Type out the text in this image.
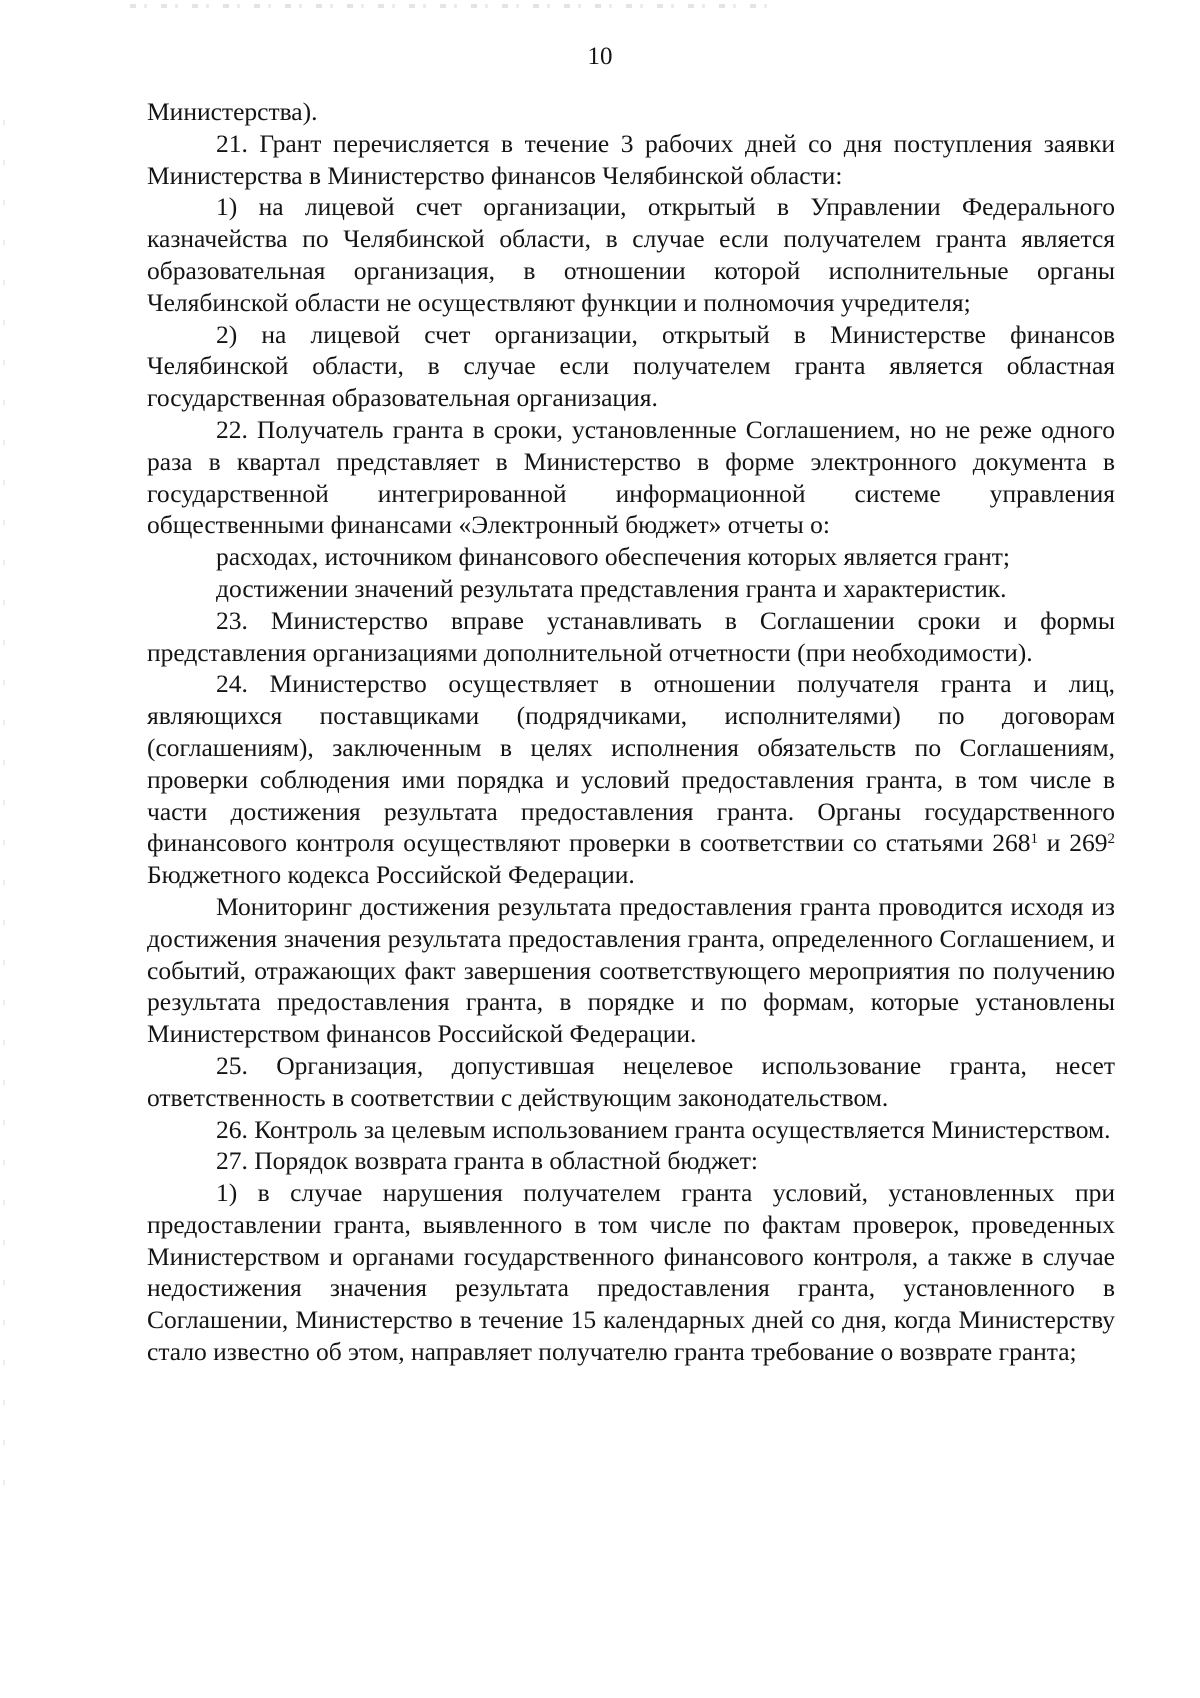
10

Министерства).

21. Грант перечисляется в течение 3 рабочих дней со дня поступления заявки Министерства в Министерство финансов Челябинской области:

1) на лицевой счет организации, открытый в Управлении Федерального казначейства по Челябинской области, в случае если получателем гранта является образовательная организация, в отношении которой исполнительные органы Челябинской области не осуществляют функции и полномочия учредителя;

2) на лицевой счет организации, открытый в Министерстве финансов Челябинской области, в случае если получателем гранта является областная государственная образовательная организация.

22. Получатель гранта в сроки, установленные Соглашением, но не реже одного раза в квартал представляет в Министерство в форме электронного документа в государственной интегрированной информационной системе управления общественными финансами «Электронный бюджет» отчеты о:

расходах, источником финансового обеспечения которых является грант;

достижении значений результата представления гранта и характеристик.

23. Министерство вправе устанавливать в Соглашении сроки и формы представления организациями дополнительной отчетности (при необходимости).

24. Министерство осуществляет в отношении получателя гранта и лиц, являющихся поставщиками (подрядчиками, исполнителями) по договорам (соглашениям), заключенным в целях исполнения обязательств по Соглашениям, проверки соблюдения ими порядка и условий предоставления гранта, в том числе в части достижения результата предоставления гранта. Органы государственного финансового контроля осуществляют проверки в соответствии со статьями $268^1$ и $269^2$ Бюджетного кодекса Российской Федерации.

Мониторинг достижения результата предоставления гранта проводится исходя из достижения значения результата предоставления гранта, определенного Соглашением, и событий, отражающих факт завершения соответствующего мероприятия по получению результата предоставления гранта, в порядке и по формам, которые установлены Министерством финансов Российской Федерации.

25. Организация, допустившая нецелевое использование гранта, несет ответственность в соответствии с действующим законодательством.

26. Контроль за целевым использованием гранта осуществляется Министерством.

27. Порядок возврата гранта в областной бюджет:

1) в случае нарушения получателем гранта условий, установленных при предоставлении гранта, выявленного в том числе по фактам проверок, проведенных Министерством и органами государственного финансового контроля, а также в случае недостижения значения результата предоставления гранта, установленного в Соглашении, Министерство в течение 15 календарных дней со дня, когда Министерству стало известно об этом, направляет получателю гранта требование о возврате гранта;
